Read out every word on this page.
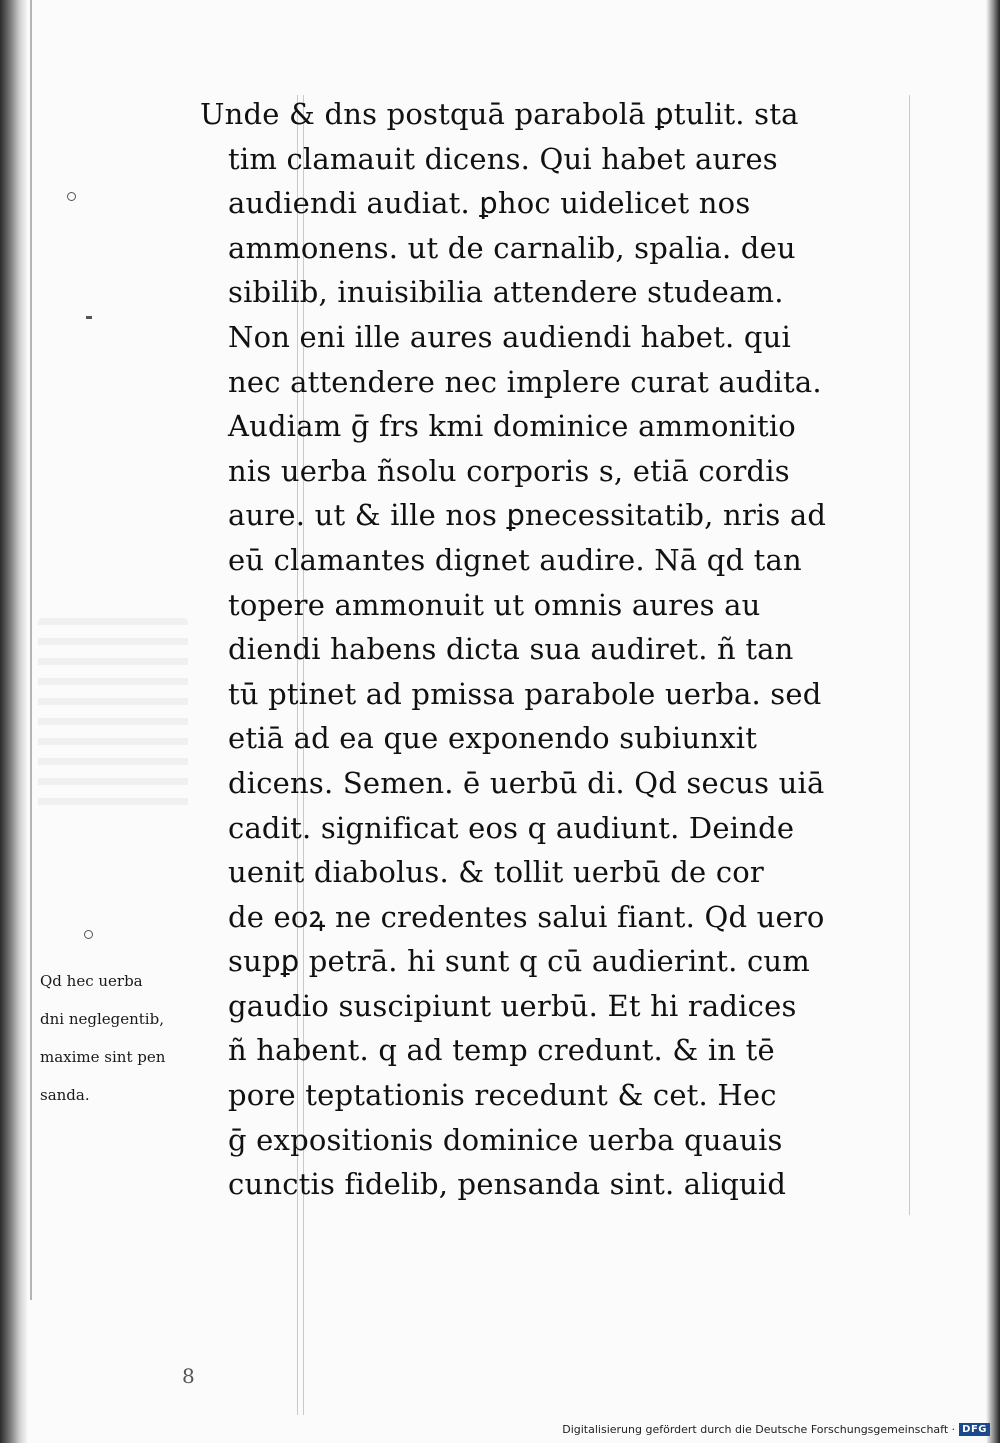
Unde & dns postquā parabolā ꝑtulit. sta
tim clamauit dicens. Qui habet aures
audiendi audiat. ꝑhoc uidelicet nos
ammonens. ut de carnalib, spalia. deu
sibilib, inuisibilia attendere studeam.
Non eni ille aures audiendi habet. qui
nec attendere nec implere curat audita.
Audiam ḡ frs kmi dominice ammonitio
nis uerba ñsolu corporis s, etiā cordis
aure. ut & ille nos ꝑnecessitatib, nris ad
eū clamantes dignet audire. Nā qd tan
topere ammonuit ut omnis aures au
diendi habens dicta sua audiret. ñ tan
tū ptinet ad pmissa parabole uerba. sed
etiā ad ea que exponendo subiunxit
dicens. Semen. ē uerbū di. Qd secus uiā
cadit. significat eos q audiunt. Deinde
uenit diabolus. & tollit uerbū de cor
de eoꝝ ne credentes salui fiant. Qd uero
supꝑ petrā. hi sunt q cū audierint. cum
gaudio suscipiunt uerbū. Et hi radices
ñ habent. q ad temp credunt. & in tē
pore teptationis recedunt & cet. Hec
ḡ expositionis dominice uerba quauis
cunctis fidelib, pensanda sint. aliquid
Qd hec uerba
dni neglegentib,
maxime sint pen
sanda.
8
Digitalisierung gefördert durch die Deutsche Forschungsgemeinschaft · DFG
